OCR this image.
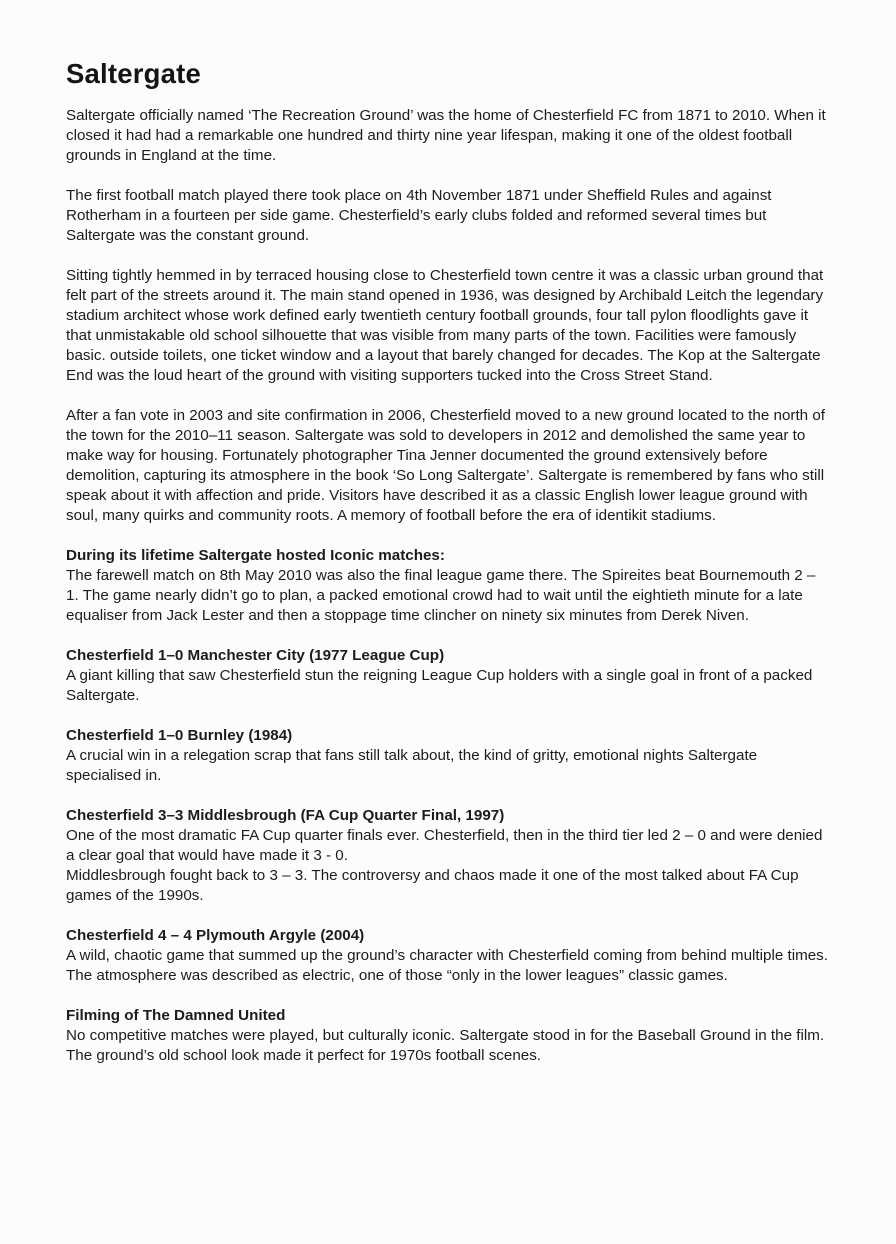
Saltergate

Saltergate officially named ‘The Recreation Ground’ was the home of Chesterfield FC from 1871 to 2010. When it closed it had had a remarkable one hundred and thirty nine year lifespan, making it one of the oldest football grounds in England at the time.

The first football match played there took place on 4th November 1871 under Sheffield Rules and against Rotherham in a fourteen per side game. Chesterfield’s early clubs folded and reformed several times but Saltergate was the constant ground.

Sitting tightly hemmed in by terraced housing close to Chesterfield town centre it was a classic urban ground that felt part of the streets around it. The main stand opened in 1936, was designed by Archibald Leitch the legendary stadium architect whose work defined early twentieth century football grounds, four tall pylon floodlights gave it that unmistakable old school silhouette that was visible from many parts of the town. Facilities were famously basic. outside toilets, one ticket window and a layout that barely changed for decades. The Kop at the Saltergate End was the loud heart of the ground with visiting supporters tucked into the Cross Street Stand.

After a fan vote in 2003 and site confirmation in 2006, Chesterfield moved to a new ground located to the north of the town for the 2010–11 season. Saltergate was sold to developers in 2012 and demolished the same year to make way for housing. Fortunately photographer Tina Jenner documented the ground extensively before demolition, capturing its atmosphere in the book ‘So Long Saltergate’. Saltergate is remembered by fans who still speak about it with affection and pride. Visitors have described it as a classic English lower league ground with soul, many quirks and community roots. A memory of football before the era of identikit stadiums.

During its lifetime Saltergate hosted Iconic matches:

The farewell match on 8th May 2010 was also the final league game there. The Spireites beat Bournemouth 2 – 1. The game nearly didn’t go to plan, a packed emotional crowd had to wait until the eightieth minute for a late equaliser from Jack Lester and then a stoppage time clincher on ninety six minutes from Derek Niven.

Chesterfield 1–0 Manchester City (1977 League Cup)

A giant killing that saw Chesterfield stun the reigning League Cup holders with a single goal in front of a packed Saltergate.

Chesterfield 1–0 Burnley (1984)

A crucial win in a relegation scrap that fans still talk about, the kind of gritty, emotional nights Saltergate specialised in.

Chesterfield 3–3 Middlesbrough (FA Cup Quarter Final, 1997)

One of the most dramatic FA Cup quarter finals ever. Chesterfield, then in the third tier led 2 – 0 and were denied a clear goal that would have made it 3 - 0.

Middlesbrough fought back to 3 – 3. The controversy and chaos made it one of the most talked about FA Cup games of the 1990s.

Chesterfield 4 – 4 Plymouth Argyle (2004)

A wild, chaotic game that summed up the ground’s character with Chesterfield coming from behind multiple times. The atmosphere was described as electric, one of those “only in the lower leagues” classic games.

Filming of The Damned United

No competitive matches were played, but culturally iconic. Saltergate stood in for the Baseball Ground in the film. The ground’s old school look made it perfect for 1970s football scenes.
